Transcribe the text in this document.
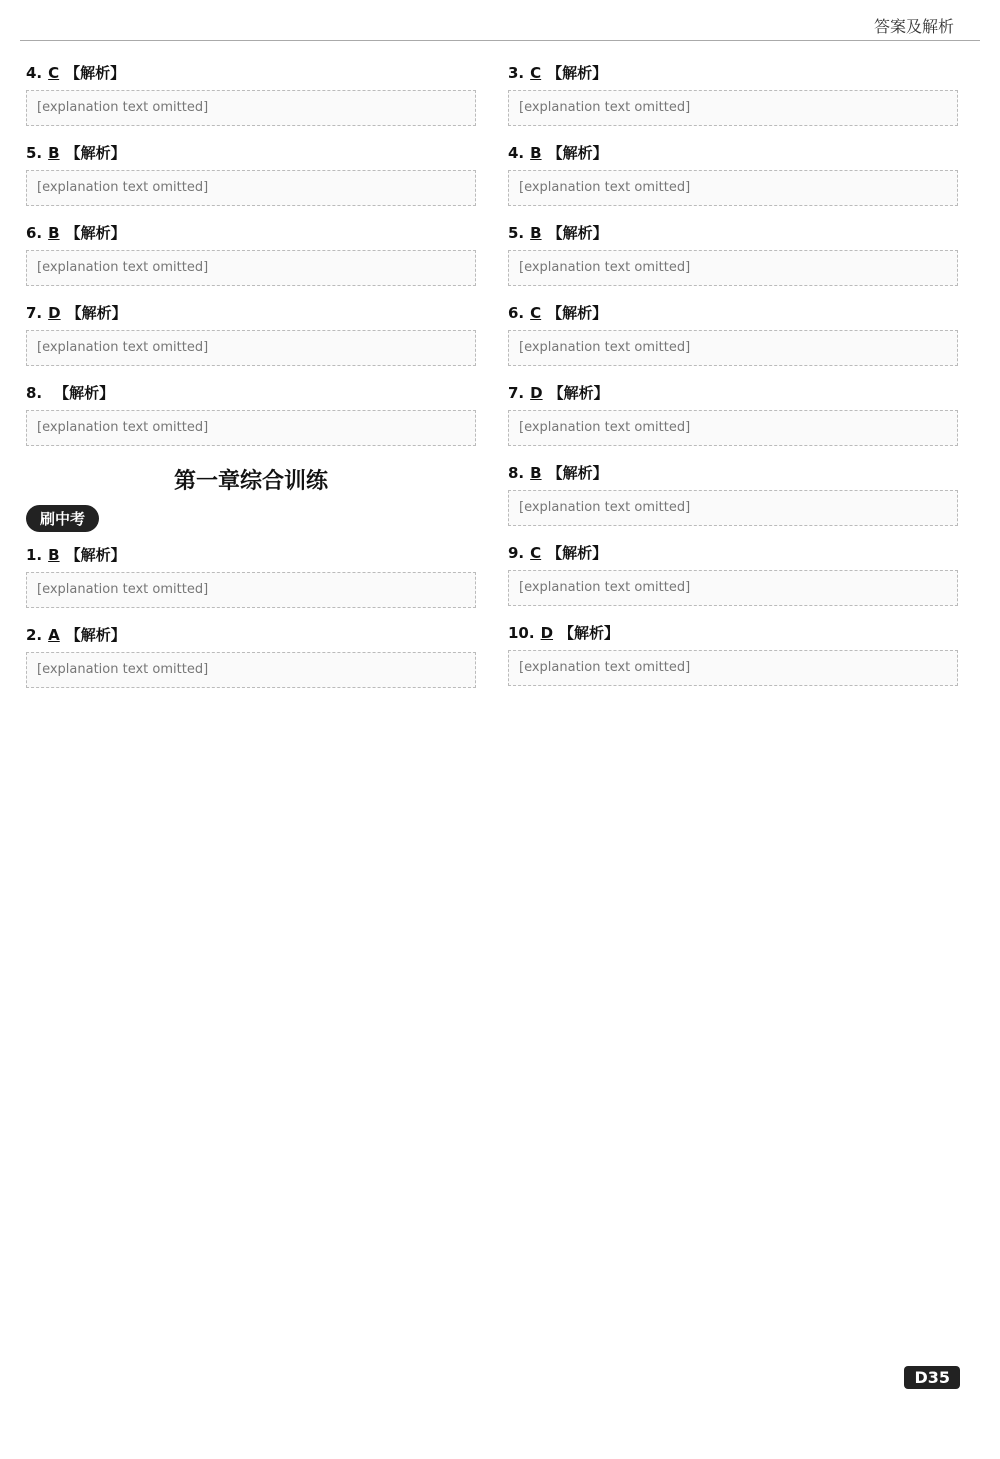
答案及解析
4. C 【解析】
[explanation text omitted]
5. B 【解析】
[explanation text omitted]
6. B 【解析】
[explanation text omitted]
7. D 【解析】
[explanation text omitted]
8. 【解析】
[explanation text omitted]
第一章综合训练
刷中考
1. B 【解析】
[explanation text omitted]
2. A 【解析】
[explanation text omitted]
3. C 【解析】
[explanation text omitted]
4. B 【解析】
[explanation text omitted]
5. B 【解析】
[explanation text omitted]
6. C 【解析】
[explanation text omitted]
7. D 【解析】
[explanation text omitted]
8. B 【解析】
[explanation text omitted]
9. C 【解析】
[explanation text omitted]
10. D 【解析】
[explanation text omitted]
D35
